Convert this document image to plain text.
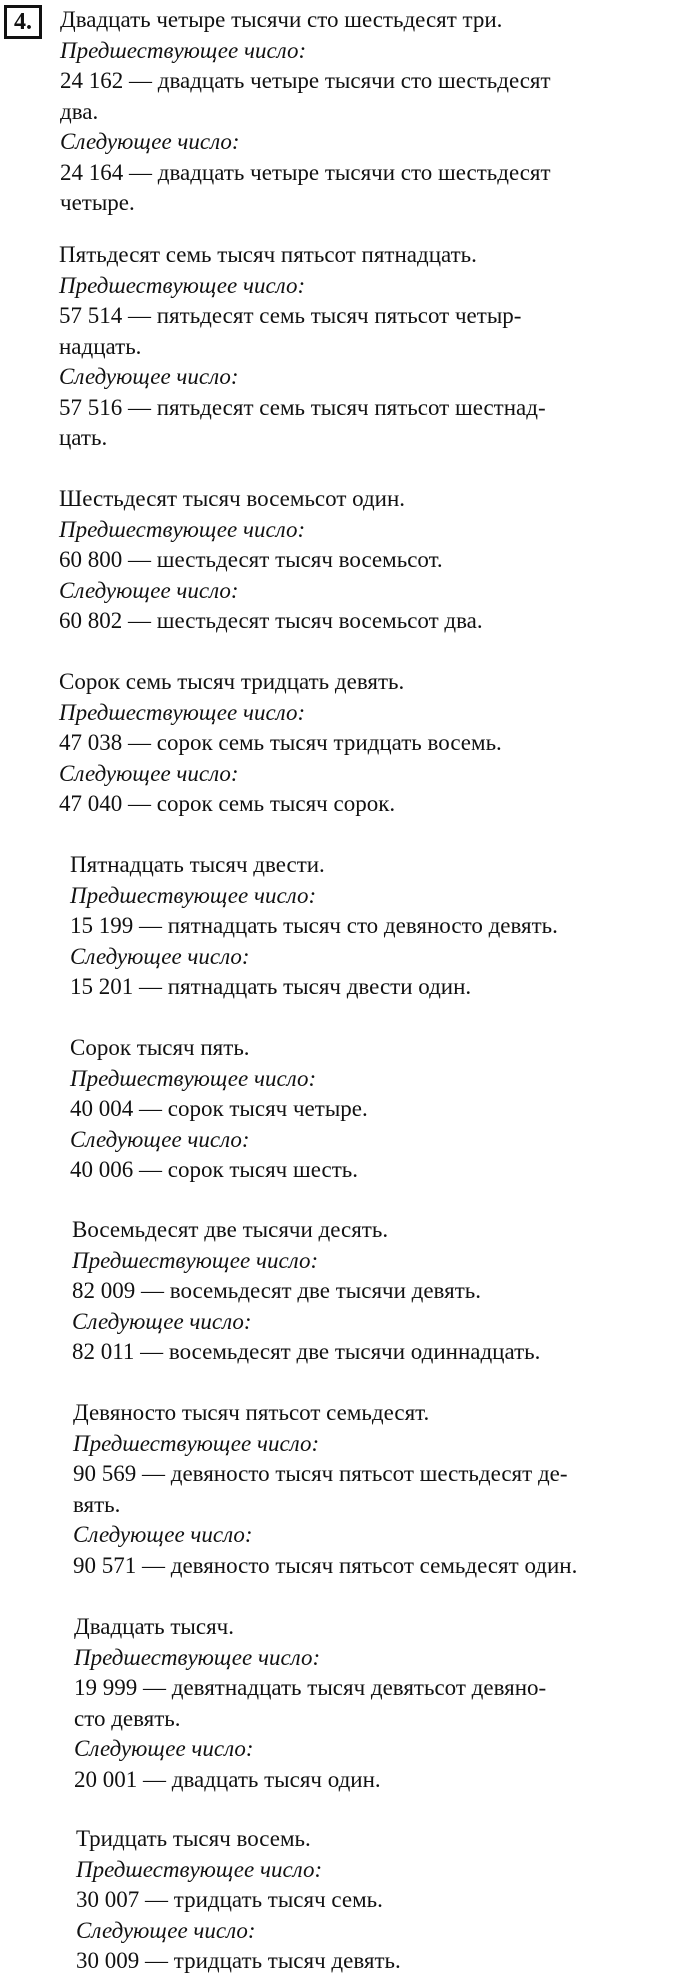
4.	Двадцать четыре тысячи сто шестьдесят три.
Предшествующее число:
24 162 — двадцать четыре тысячи сто шестьдесят
два.
Следующее число:
24 164 — двадцать четыре тысячи сто шестьдесят
четыре.
Пятьдесят семь тысяч пятьсот пятнадцать.
Предшествующее число:
57 514 — пятьдесят семь тысяч пятьсот четыр-
надцать.
Следующее число:
57 516 — пятьдесят семь тысяч пятьсот шестнад-
цать.
Шестьдесят тысяч восемьсот один.
Предшествующее число:
60 800 — шестьдесят тысяч восемьсот.
Следующее число:
60 802 — шестьдесят тысяч восемьсот два.
Сорок семь тысяч тридцать девять.
Предшествующее число:
47 038 — сорок семь тысяч тридцать восемь.
Следующее число:
47 040 — сорок семь тысяч сорок.
Пятнадцать тысяч двести.
Предшествующее число:
15 199 — пятнадцать тысяч сто девяносто девять.
Следующее число:
15 201 — пятнадцать тысяч двести один.
Сорок тысяч пять.
Предшествующее число:
40 004 — сорок тысяч четыре.
Следующее число:
40 006 — сорок тысяч шесть.
Восемьдесят две тысячи десять.
Предшествующее число:
82 009 — восемьдесят две тысячи девять.
Следующее число:
82 011 — восемьдесят две тысячи одиннадцать.
Девяносто тысяч пятьсот семьдесят.
Предшествующее число:
90 569 — девяносто тысяч пятьсот шестьдесят де-
вять.
Следующее число:
90 571 — девяносто тысяч пятьсот семьдесят один.
Двадцать тысяч.
Предшествующее число:
19 999 — девятнадцать тысяч девятьсот девяно-
сто девять.
Следующее число:
20 001 — двадцать тысяч один.
Тридцать тысяч восемь.
Предшествующее число:
30 007 — тридцать тысяч семь.
Следующее число:
30 009 — тридцать тысяч девять.
